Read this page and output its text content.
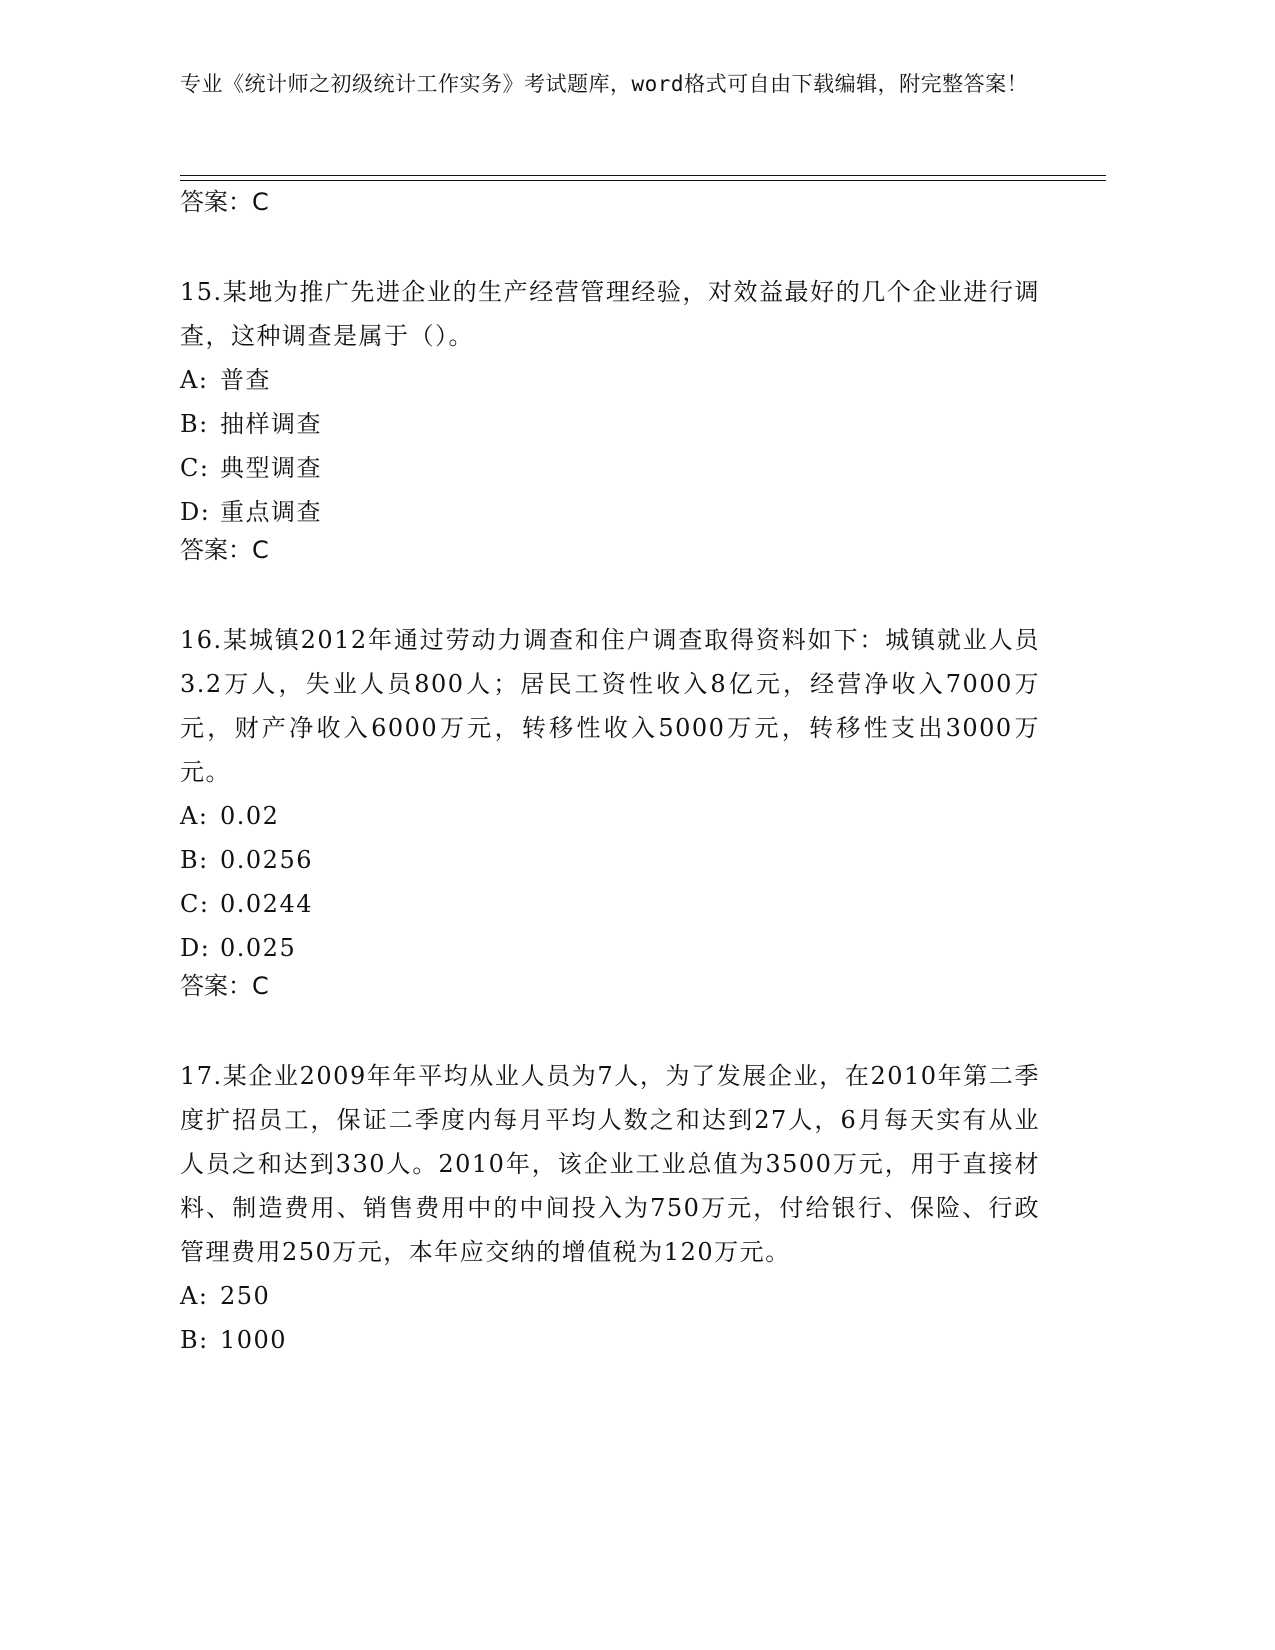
专业《统计师之初级统计工作实务》考试题库，word格式可自由下载编辑，附完整答案！

答案：C

15.某地为推广先进企业的生产经营管理经验，对效益最好的几个企业进行调查，这种调查是属于（）。

A: 普查
B: 抽样调查
C: 典型调查
D: 重点调查

答案：C

16.某城镇2012年通过劳动力调查和住户调查取得资料如下：城镇就业人员3.2万人，失业人员800人；居民工资性收入8亿元，经营净收入7000万元，财产净收入6000万元，转移性收入5000万元，转移性支出3000万元。

A: 0.02
B: 0.0256
C: 0.0244
D: 0.025

答案：C

17.某企业2009年年平均从业人员为7人，为了发展企业，在2010年第二季度扩招员工，保证二季度内每月平均人数之和达到27人，6月每天实有从业人员之和达到330人。2010年，该企业工业总值为3500万元，用于直接材料、制造费用、销售费用中的中间投入为750万元，付给银行、保险、行政管理费用250万元，本年应交纳的增值税为120万元。

A: 250
B: 1000
